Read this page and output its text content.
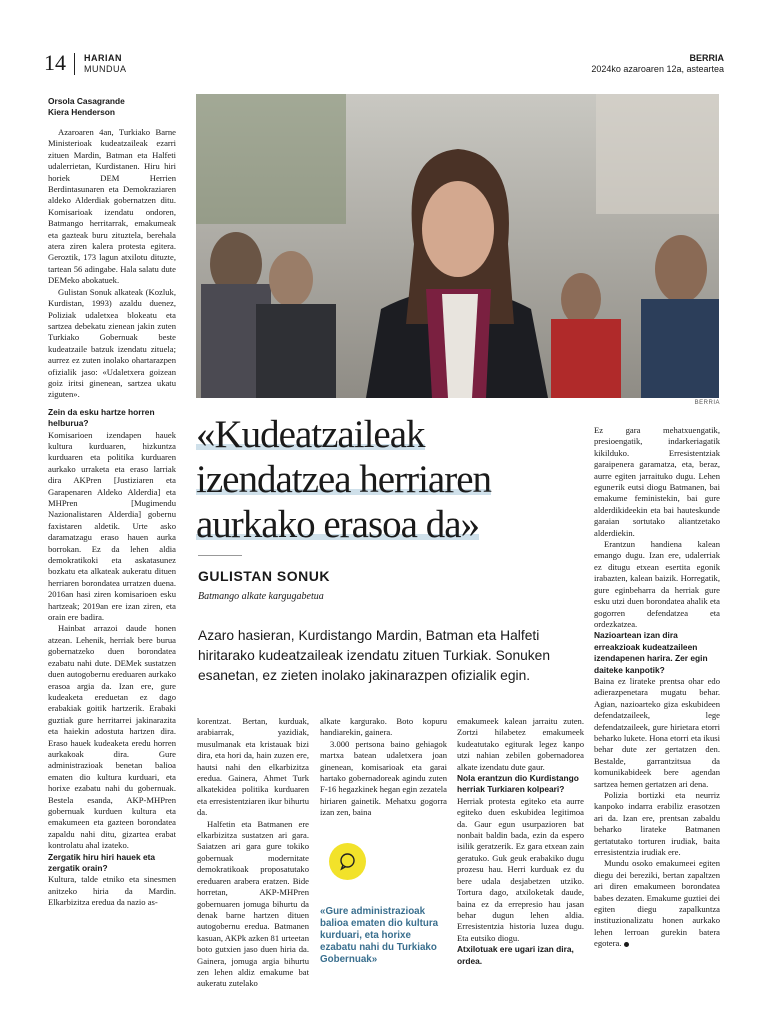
14 HARIAN
MUNDUA
BERRIA
2024ko azaroaren 12a, asteartea
Orsola Casagrande
Kiera Henderson

Azaroaren 4an, Turkiako Barne Ministerioak kudeatzaileak ezarri zituen Mardin, Batman eta Halfeti udalerrietan, Kurdistanen. Hiru hiri horiek DEM Herrien Berdintasunaren eta Demokraziaren aldeko Alderdiak gobernatzen ditu. Komisarioak izendatu ondoren, Batmango herritarrak, emakumeak eta gazteak buru zituztela, berehala atera ziren kalera protesta egitera. Geroztik, 173 lagun atxilotu dituzte, tartean 56 adingabe. Hala salatu dute DEMeko abokatuek.

Gulistan Sonuk alkateak (Kozluk, Kurdistan, 1993) azaldu duenez, Poliziak udaletxea blokeatu eta sartzea debekatu zienean jakin zuten Turkiako Gobernuak beste kudeatzaile batzuk izendatu zituela; aurrez ez zuten inolako ohartarazpen ofizialik jaso: «Udaletxera goizean goiz iritsi ginenean, sartzea ukatu ziguten».

Zein da esku hartze horren helburua?

Komisarioen izendapen hauek kultura kurduaren, hizkuntza kurduaren eta politika kurduaren aurkako urraketa eta eraso larriak dira AKPren [Justiziaren eta Garapenaren Aldeko Alderdia] eta MHPren [Mugimendu Nazionalistaren Alderdia] gobernu faxistaren aldetik. Urte asko daramatzagu eraso hauen aurka borrokan. Ez da lehen aldia demokratikoki eta askatasunez bozkatu eta alkateak aukeratu dituen herriaren borondatea urratzen duena. 2016an hasi ziren komisarioen esku hartzeak; 2019an ere izan ziren, eta orain ere badira.

Hainbat arrazoi daude honen atzean. Lehenik, herriak bere burua gobernatzeko duen borondatea ezabatu nahi dute. DEMek sustatzen duen autogobernu ereduaren aurkako erasoa argia da. Izan ere, gure kudeaketa ereduetan ez dago erabakiak goitik hartzerik. Erabaki guztiak gure herritarrei jakinarazita eta haiekin adostuta hartzen dira. Eraso hauek kudeaketa eredu horren aurkakoak dira. Gure administrazioak benetan balioa ematen dio kultura kurduari, eta horixe ezabatu nahi du gobernuak. Bestela esanda, AKP-MHPren gobernuak kurduen kultura eta emakumeen eta gazteen borondatea zapaldu nahi ditu, gizartea erabat kontrolatu ahal izateko.

Zergatik hiru hiri hauek eta zergatik orain?

Kultura, talde etniko eta sinesmen anitzeko hiria da Mardin. Elkarbizitza eredua da nazio as-

BERRIA
«Kudeatzaileak
izendatzea herriaren
aurkako erasoa da»

GULISTAN SONUK
Batmango alkate kargugabetua
Azaro hasieran, Kurdistango Mardin, Batman eta Halfeti hiritarako kudeatzaileak izendatu zituen Turkiak. Sonuken esanetan, ez zieten inolako jakinarazpen ofizialik egin.

korentzat. Bertan, kurduak, arabiarrak, yazidiak, musulmanak eta kristauak bizi dira, eta hori da, hain zuzen ere, hautsi nahi den elkarbizitza eredua. Gainera, Ahmet Turk alkatekidea politika kurduaren eta erresistentziaren ikur bihurtu da.

Halfetin eta Batmanen ere elkarbizitza sustatzen ari gara. Saiatzen ari gara gure tokiko gobernuak modernitate demokratikoak proposatutako ereduaren arabera eratzen. Bide horretan, AKP-MHPren gobernuaren jomuga bihurtu da denak barne hartzen dituen autogobernu eredua. Batmanen kasuan, AKPk azken 81 urteetan boto gutxien jaso duen hiria da. Gainera, jomuga argia bihurtu zen lehen aldiz emakume bat aukeratu zutelako

alkate kargurako. Boto kopuru handiarekin, gainera.

3.000 pertsona baino gehiagok martxa batean udaletxera joan ginenean, komisarioak eta garai hartako gobernadoreak agindu zuten F-16 hegazkinek hegan egin zezatela hiriaren gainetik. Mehatxu gogorra izan zen, baina

«Gure administrazioak balioa ematen dio kultura kurduari, eta horixe ezabatu nahi du Turkiako Gobernuak»

emakumeek kalean jarraitu zuten. Zortzi hilabetez emakumeek kudeatutako egiturak legez kanpo utzi nahian zebilen gobernadorea alkate izendatu dute gaur.

Nola erantzun dio Kurdistango herriak Turkiaren kolpeari?

Herriak protesta egiteko eta aurre egiteko duen eskubidea legitimoa da. Gaur egun usurpazioren bat nonbait baldin bada, ezin da espero isilik geratzerik. Ez gara etxean zain geratuko. Guk geuk erabakiko dugu prozesu hau. Herri kurduak ez du bere udala desjabetzen utziko. Tortura dago, atxiloketak daude, baina ez da errepresio hau jasan behar dugun lehen aldia. Erresistentzia historia luzea dugu. Eta eutsiko diogu.

Atxilotuak ere ugari izan dira, ordea.

Ez gara mehatxuengatik, presioengatik, indarkeriagatik kikilduko. Erresistentziak garaipenera garamatza, eta, beraz, aurre egiten jarraituko dugu. Lehen eguneтik eutsi diogu Batmanen, bai emakume feministekin, bai gure alderdikideekin eta bai hauteskunde garaian sortutako aliantzetako alderdiekin.

Erantzun handiena kalean emango dugu. Izan ere, udalerriak ez ditugu etxean esertita egonik irabazten, kalean baizik. Horregatik, gure eginbeharra da herriak gure esku utzi duen borondatea ahalik eta gogorren defendatzea eta ordezkatzea.

Nazioartean izan dira erreakzioak kudeatzaileen izendapenen harira. Zer egin daiteke kanpotik?

Baina ez lirateke prentsa ohar edo adierazpenetara mugatu behar. Agian, nazioarteko giza eskubideen defendatzaileek, lege defendatzaileek, gure hirietara etorri beharko lukete. Hona etorri eta ikusi behar dute zer gertatzen den. Bestalde, garrantzitsua da komunikabideek bere agendan sartzea hemen gertatzen ari dena.

Polizia bortizki eta neurriz kanpoko indarra erabiliz erasotzen ari da. Izan ere, prentsan zabaldu beharko lirateke Batmanen gertatutako torturen irudiak, baita erresistentzia irudiak ere.

Mundu osoko emakumeei egiten diegu dei bereziki, bertan zapaltzen ari diren emakumeen borondatea babes dezaten. Emakume guztiei dei egiten diegu zapalkuntza instituzionalizatu honen aurkako lehen lerroan gurekin batera egotera.
